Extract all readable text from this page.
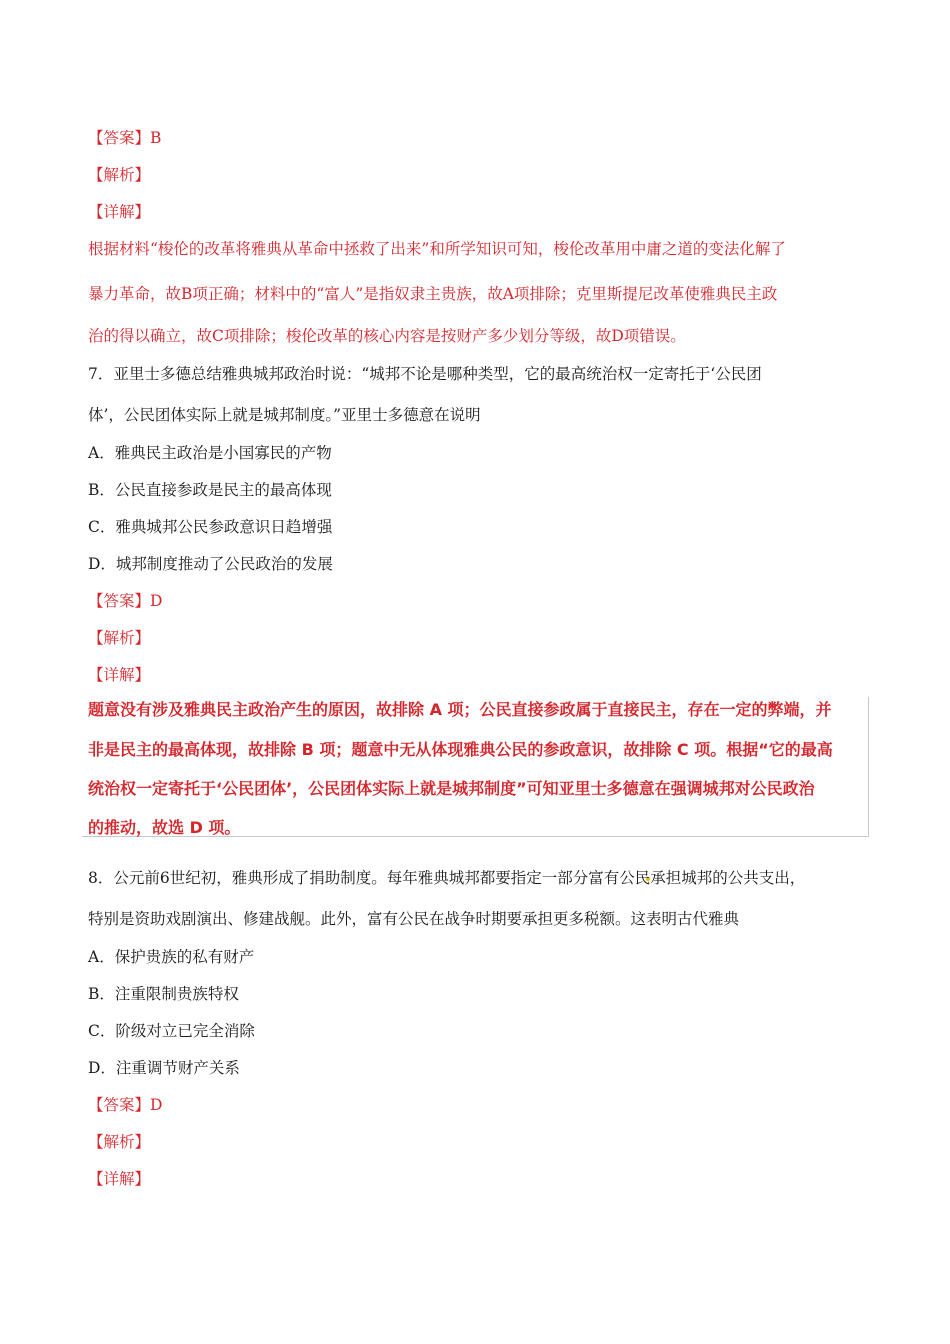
【答案】B
【解析】
【详解】
根据材料“梭伦的改革将雅典从革命中拯救了出来”和所学知识可知，梭伦改革用中庸之道的变法化解了
暴力革命，故B项正确；材料中的“富人”是指奴隶主贵族，故A项排除；克里斯提尼改革使雅典民主政
治的得以确立，故C项排除；梭伦改革的核心内容是按财产多少划分等级，故D项错误。
7．亚里士多德总结雅典城邦政治时说：“城邦不论是哪种类型，它的最高统治权一定寄托于‘公民团
体’，公民团体实际上就是城邦制度。”亚里士多德意在说明
A．雅典民主政治是小国寡民的产物
B．公民直接参政是民主的最高体现
C．雅典城邦公民参政意识日趋增强
D．城邦制度推动了公民政治的发展
【答案】D
【解析】
【详解】
题意没有涉及雅典民主政治产生的原因，故排除 A 项；公民直接参政属于直接民主，存在一定的弊端，并
非是民主的最高体现，故排除 B 项；题意中无从体现雅典公民的参政意识，故排除 C 项。根据“它的最高
统治权一定寄托于‘公民团体’，公民团体实际上就是城邦制度”可知亚里士多德意在强调城邦对公民政治
的推动，故选 D 项。
8．公元前6世纪初，雅典形成了捐助制度。每年雅典城邦都要指定一部分富有公民承担城邦的公共支出，
特别是资助戏剧演出、修建战舰。此外，富有公民在战争时期要承担更多税额。这表明古代雅典
A．保护贵族的私有财产
B．注重限制贵族特权
C．阶级对立已完全消除
D．注重调节财产关系
【答案】D
【解析】
【详解】
